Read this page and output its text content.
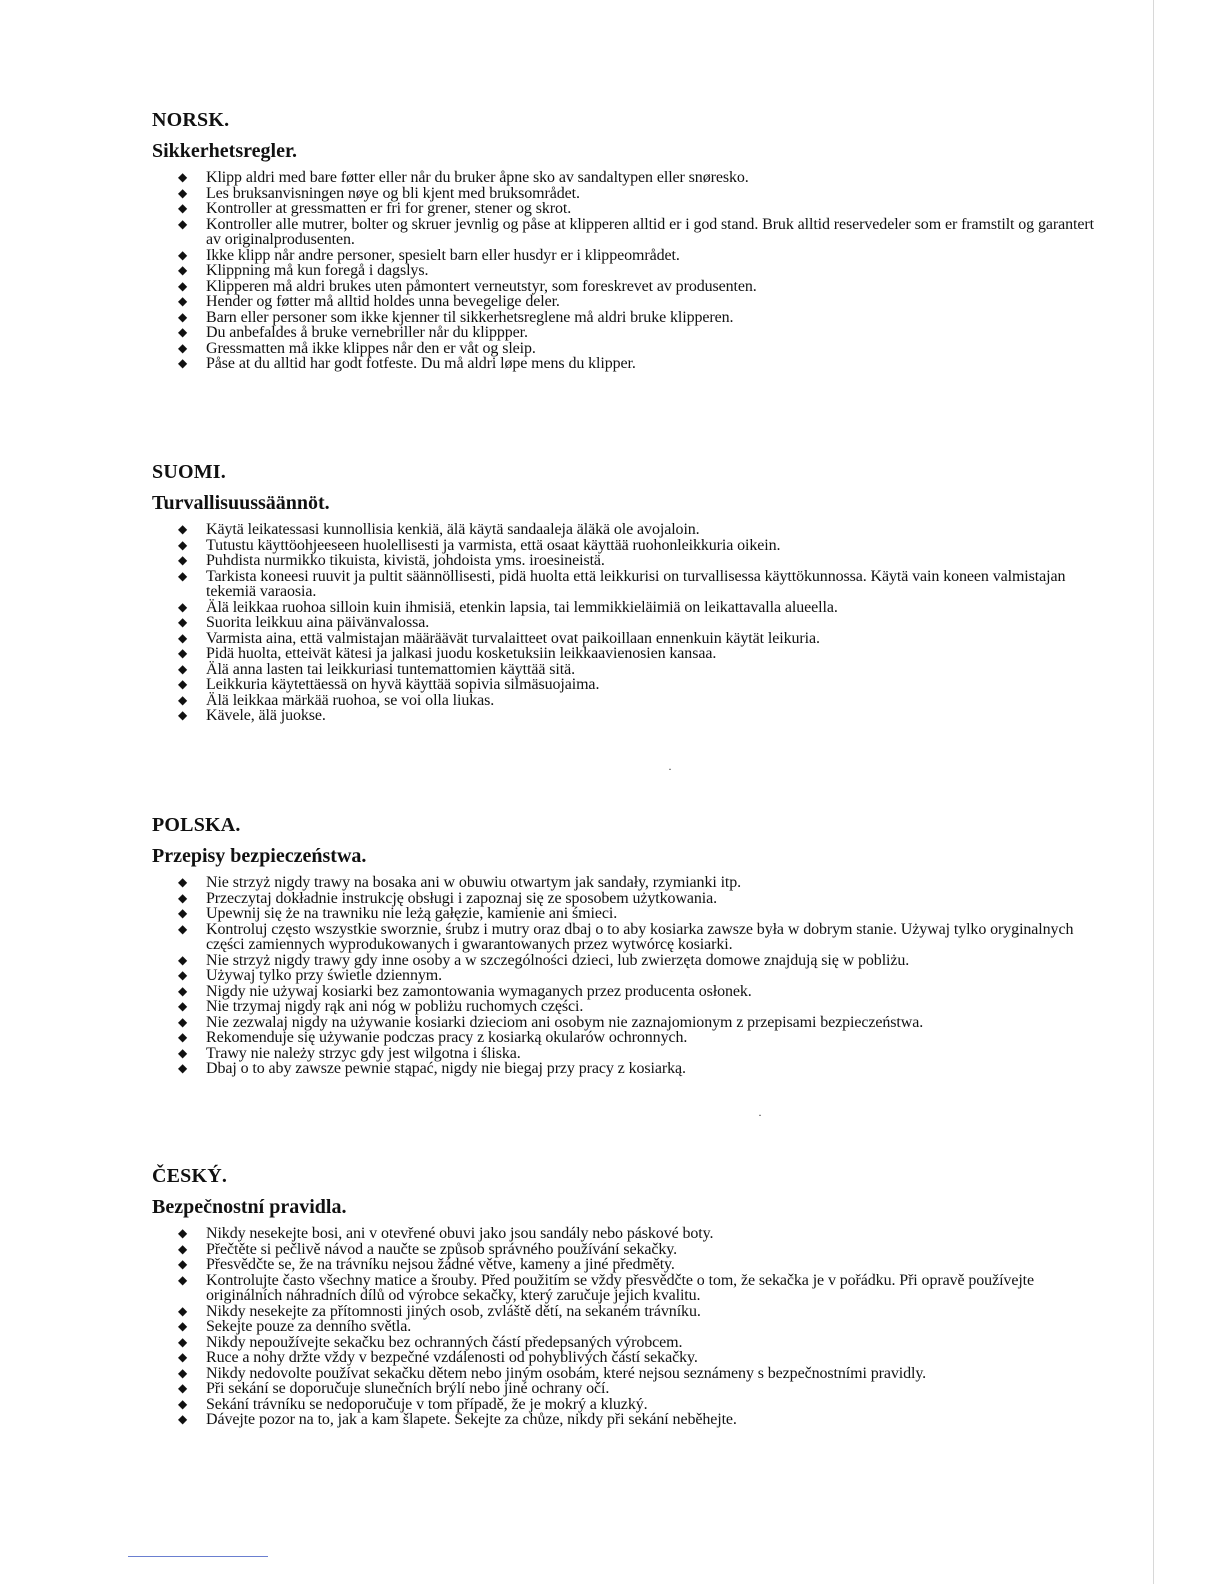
NORSK.
Sikkerhetsregler.
◆ Klipp aldri med bare føtter eller når du bruker åpne sko av sandaltypen eller snøresko.
◆ Les bruksanvisningen nøye og bli kjent med bruksområdet.
◆ Kontroller at gressmatten er fri for grener, stener og skrot.
◆ Kontroller alle mutrer, bolter og skruer jevnlig og påse at klipperen alltid er i god stand. Bruk alltid reservedeler som er framstilt og garantert av originalprodusenten.
◆ Ikke klipp når andre personer, spesielt barn eller husdyr er i klippeområdet.
◆ Klippning må kun foregå i dagslys.
◆ Klipperen må aldri brukes uten påmontert verneutstyr, som foreskrevet av produsenten.
◆ Hender og føtter må alltid holdes unna bevegelige deler.
◆ Barn eller personer som ikke kjenner til sikkerhetsreglene må aldri bruke klipperen.
◆ Du anbefaldes å bruke vernebriller når du klippper.
◆ Gressmatten må ikke klippes når den er våt og sleip.
◆ Påse at du alltid har godt fotfeste. Du må aldri løpe mens du klipper.
SUOMI.
Turvallisuussäännöt.
◆ Käytä leikatessasi kunnollisia kenkiä, älä käytä sandaaleja äläkä ole avojaloin.
◆ Tutustu käyttöohjeeseen huolellisesti ja varmista, että osaat käyttää ruohonleikkuria oikein.
◆ Puhdista nurmikko tikuista, kivistä, johdoista yms. iroesineistä.
◆ Tarkista koneesi ruuvit ja pultit säännöllisesti, pidä huolta että leikkurisi on turvallisessa käyttökunnossa. Käytä vain koneen valmistajan tekemiä varaosia.
◆ Älä leikkaa ruohoa silloin kuin ihmisiä, etenkin lapsia, tai lemmikkieläimiä on leikattavalla alueella.
◆ Suorita leikkuu aina päivänvalossa.
◆ Varmista aina, että valmistajan määräävät turvalaitteet ovat paikoillaan ennenkuin käytät leikuria.
◆ Pidä huolta, etteivät kätesi ja jalkasi juodu kosketuksiin leikkaavienosien kansaa.
◆ Älä anna lasten tai leikkuriasi tuntemattomien käyttää sitä.
◆ Leikkuria käytettäessä on hyvä käyttää sopivia silmäsuojaima.
◆ Älä leikkaa märkää ruohoa, se voi olla liukas.
◆ Kävele, älä juokse.
POLSKA.
Przepisy bezpieczeństwa.
◆ Nie strzyż nigdy trawy na bosaka ani w obuwiu otwartym jak sandały, rzymianki itp.
◆ Przeczytaj dokładnie instrukcję obsługi i zapoznaj się ze sposobem użytkowania.
◆ Upewnij się że na trawniku nie leżą gałęzie, kamienie ani śmieci.
◆ Kontroluj często wszystkie sworznie, śrubz i mutry oraz dbaj o to aby kosiarka zawsze była w dobrym stanie. Używaj tylko oryginalnych części zamiennych wyprodukowanych i gwarantowanych przez wytwórcę kosiarki.
◆ Nie strzyż nigdy trawy gdy inne osoby a w szczególności dzieci, lub zwierzęta domowe znajdują się w pobliżu.
◆ Używaj tylko przy świetle dziennym.
◆ Nigdy nie używaj kosiarki bez zamontowania wymaganych przez producenta osłonek.
◆ Nie trzymaj nigdy rąk ani nóg w pobliżu ruchomych części.
◆ Nie zezwalaj nigdy na używanie kosiarki dzieciom ani osobym nie zaznajomionym z przepisami bezpieczeństwa.
◆ Rekomenduje się używanie podczas pracy z kosiarką okularów ochronnych.
◆ Trawy nie należy strzyc gdy jest wilgotna i śliska.
◆ Dbaj o to aby zawsze pewnie stąpać, nigdy nie biegaj przy pracy z kosiarką.
ČESKÝ.
Bezpečnostní pravidla.
◆ Nikdy nesekejte bosi, ani v otevřené obuvi jako jsou sandály nebo páskové boty.
◆ Přečtěte si pečlivě návod a naučte se způsob správného používání sekačky.
◆ Přesvědčte se, že na trávníku nejsou žádné větve, kameny a jiné předměty.
◆ Kontrolujte často všechny matice a šrouby. Před použitím se vždy přesvědčte o tom, že sekačka je v pořádku. Při opravě používejte originálních náhradních dílů od výrobce sekačky, který zaručuje jejich kvalitu.
◆ Nikdy nesekejte za přítomnosti jiných osob, zvláště dětí, na sekaném trávníku.
◆ Sekejte pouze za denního světla.
◆ Nikdy nepoužívejte sekačku bez ochranných částí předepsaných výrobcem.
◆ Ruce a nohy držte vždy v bezpečné vzdálenosti od pohyblivých částí sekačky.
◆ Nikdy nedovolte používat sekačku dětem nebo jiným osobám, které nejsou seznámeny s bezpečnostními pravidly.
◆ Při sekání se doporučuje slunečních brýlí nebo jiné ochrany očí.
◆ Sekání trávníku se nedoporučuje v tom případě, že je mokrý a kluzký.
◆ Dávejte pozor na to, jak a kam šlapete. Sekejte za chůze, nikdy při sekání neběhejte.
·
·
